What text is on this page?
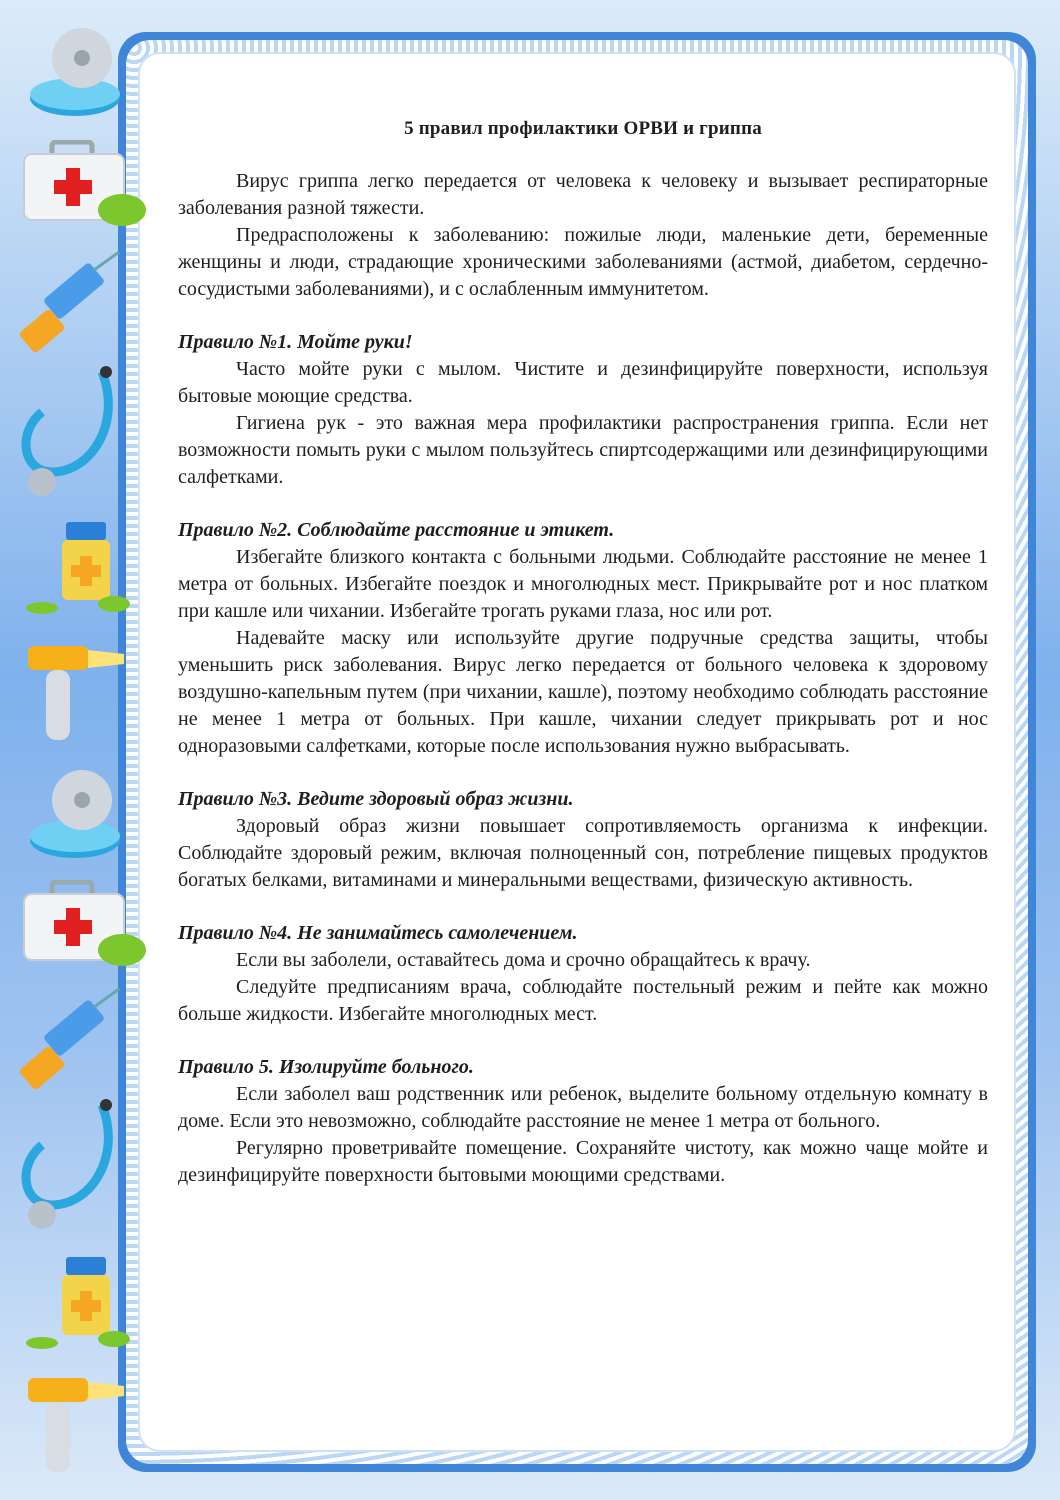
5 правил профилактики ОРВИ и гриппа

Вирус гриппа легко передается от человека к человеку и вызывает респираторные заболевания разной тяжести.

Предрасположены к заболеванию: пожилые люди, маленькие дети, беременные женщины и люди, страдающие хроническими заболеваниями (астмой, диабетом, сердечно-сосудистыми заболеваниями), и с ослабленным иммунитетом.

Правило №1. Мойте руки!

Часто мойте руки с мылом. Чистите и дезинфицируйте поверхности, используя бытовые моющие средства.

Гигиена рук - это важная мера профилактики распространения гриппа. Если нет возможности помыть руки с мылом пользуйтесь спиртсодержащими или дезинфицирующими салфетками.

Правило №2. Соблюдайте расстояние и этикет.

Избегайте близкого контакта с больными людьми. Соблюдайте расстояние не менее 1 метра от больных. Избегайте поездок и многолюдных мест. Прикрывайте рот и нос платком при кашле или чихании. Избегайте трогать руками глаза, нос или рот.

Надевайте маску или используйте другие подручные средства защиты, чтобы уменьшить риск заболевания. Вирус легко передается от больного человека к здоровому воздушно-капельным путем (при чихании, кашле), поэтому необходимо соблюдать расстояние не менее 1 метра от больных. При кашле, чихании следует прикрывать рот и нос одноразовыми салфетками, которые после использования нужно выбрасывать.

Правило №3. Ведите здоровый образ жизни.

Здоровый образ жизни повышает сопротивляемость организма к инфекции. Соблюдайте здоровый режим, включая полноценный сон, потребление пищевых продуктов богатых белками, витаминами и минеральными веществами, физическую активность.

Правило №4. Не занимайтесь самолечением.

Если вы заболели, оставайтесь дома и срочно обращайтесь к врачу.

Следуйте предписаниям врача, соблюдайте постельный режим и пейте как можно больше жидкости. Избегайте многолюдных мест.

Правило 5. Изолируйте больного.

Если заболел ваш родственник или ребенок, выделите больному отдельную комнату в доме. Если это невозможно, соблюдайте расстояние не менее 1 метра от больного.

Регулярно проветривайте помещение. Сохраняйте чистоту, как можно чаще мойте и дезинфицируйте поверхности бытовыми моющими средствами.
